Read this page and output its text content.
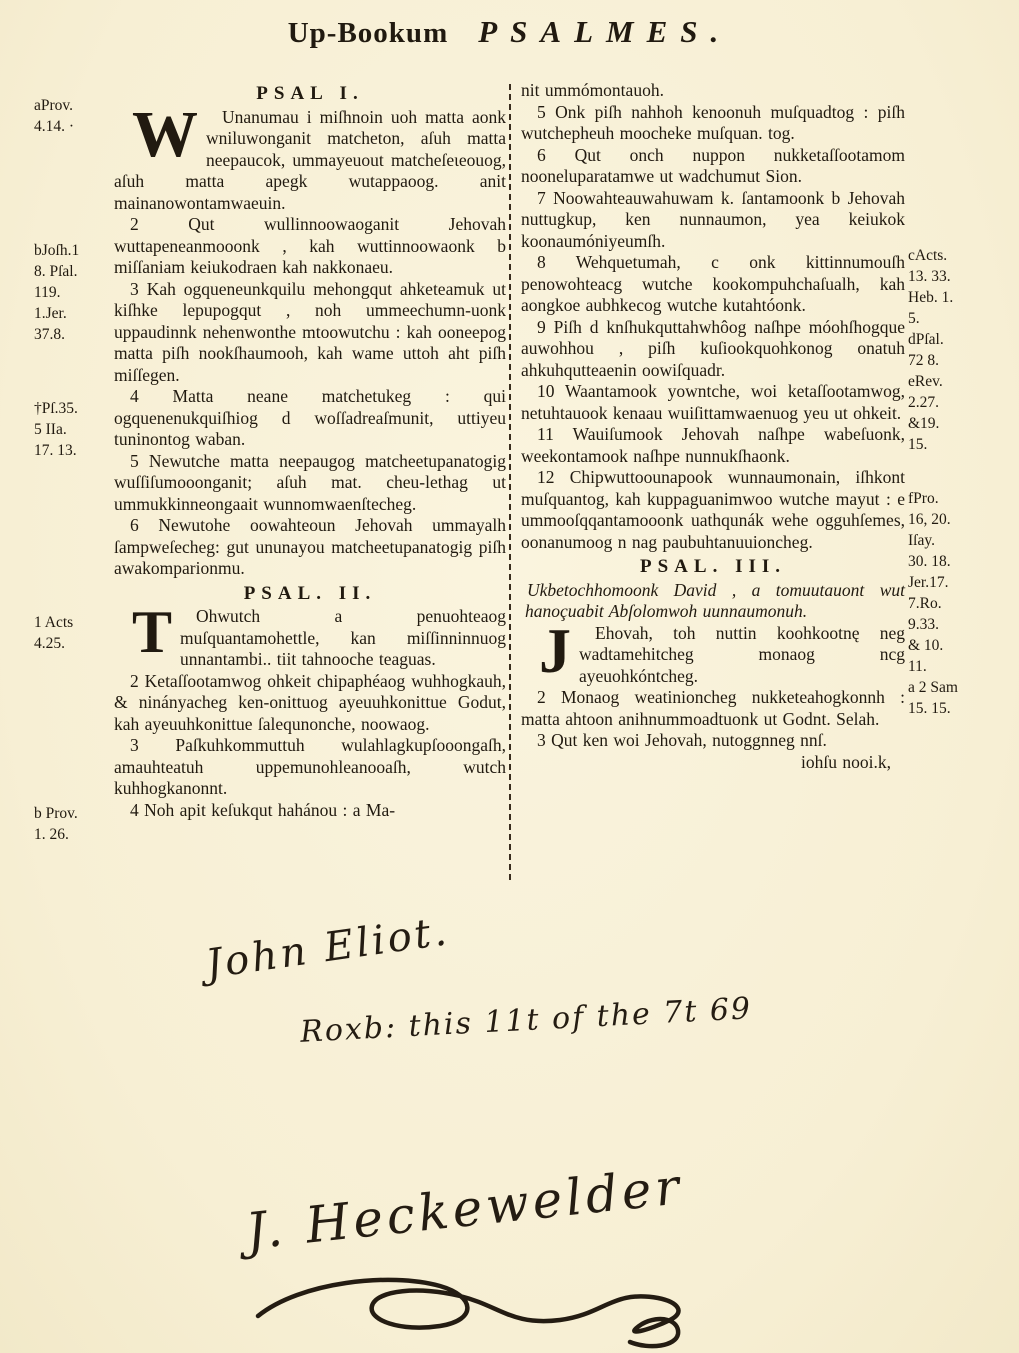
Up-Bookum PSALMES.
aProv.
4.14. ·
bJoſh.1
8. Pſal.
119.
1.Jer.
37.8.
†Pſ.35.
5 IIa.
17. 13.
1 Acts
4.25.
b Prov.
1. 26.
PSAL I.
W	Unanumau i miſhnoin uoh matta aonk wniluwonganit matcheton, aſuh matta neepaucok, ummayeuout matcheſeɩeouog, aſuh matta apegk wutappaoog. anit mainanowontamwaeuin.
2 Qut wullinnoowaoganit Jehovah wuttapeneanmooonk , kah wuttinnoowaonk b miſſaniam keiukodraen kah nakkonaeu.
3 Kah ogqueneunkquilu mehongqut ahketeamuk ut kiſhke lepupogqut , noh ummeechumn-uonk uppaudinnk nehenwonthe mtoowutchu : kah ooneepog matta piſh nookſhaumooh, kah wame uttoh aht piſh miſſegen.
4 Matta neane matchetukeg : qui ogquenenukquiſhiog d woſſadreaſmunit, uttiyeu tuninontog waban.
5 Newutche matta neepaugog matcheetupanatogig wuſſiſumooonganit; aſuh mat. cheu-lethag ut ummukkinneongaait wunnomwaenſtecheg.
6 Newutohe oowahteoun Jehovah ummayalh ſampweſecheg: gut ununayou matcheetupanatogig piſh awakomparionmu.
PSAL. II.
T	Ohwutch a penuohteaog muſquantamohettle, kan miſſinninnuog unnantambi.. tiit tahnooche teaguas.
2 Ketaſſootamwog ohkeit chipaphéaog wuhhogkauh, & ninányacheg ken-onittuog ayeuuhkonittue Godut, kah ayeuuhkonittue ſalequnonche, noowaog.
3 Paſkuhkommuttuh wulahlagkupſooongaſh, amauhteatuh uppemunohleanooaſh, wutch kuhhogkanonnt.
4 Noh apit keſukqut hahánou : a Ma-
nit ummómontauoh.
5 Onk piſh nahhoh kenoonuh muſquadtog : piſh wutchepheuh moocheke muſquan. tog.
6 Qut onch nuppon nukketaſſootamom nooneluparatamwe ut wadchumut Sion.
7 Noowahteauwahuwam k. ſantamoonk b Jehovah nuttugkup, ken nunnaumon, yea keiukok koonaumóniyeumſh.
8 Wehquetumah, c onk kittinnumouſh penowohteacg wutche kookompuhchaſualh, kah aongkoe aubhkecog wutche kutahtóonk.
9 Piſh d knſhukquttahwhôog naſhpe móohſhogque auwohhou , piſh kuſiookquohkonog onatuh ahkuhqutteaenin oowiſquadr.
10 Waantamook yowntche, woi ketaſſootamwog, netuhtauook kenaau wuiſittamwaenuog yeu ut ohkeit.
11 Wauiſumook Jehovah naſhpe wabeſuonk, weekontamook naſhpe nunnukſhaonk.
12 Chipwuttoounapook wunnaumonain, iſhkont muſquantog, kah kuppaguanimwoo wutche mayut : e ummooſqqantamooonk uathqunák wehe ogguhſemes, oonanumoog n nag paubuhtanuuioncheg.
PSAL. III.
Ukbetochhomoonk David , a tomuutauont wut hanoçuabit Abſolomwoh uunnaumonuh.
J	Ehovah, toh nuttin koohkootnę neg wadtamehitcheg monaog ncg ayeuohkóntcheg.
2 Monaog weatinioncheg nukketeahogkonnh : matta ahtoon anihnummoadtuonk ut Godnt. Selah.
3 Qut ken woi Jehovah, nutoggnneg nnſ.
iohſu nooi.k,
cActs.
13. 33.
Heb. 1.
5.
dPſal.
72 8.
eRev.
2.27.
&19.
15.
fPro.
16, 20.
Iſay.
30. 18.
Jer.17.
7.Ro.
9.33.
& 10.
11.
a 2 Sam
15. 15.
John Eliot.
Roxb: this 11t of the 7t 69
J. Heckewelder
